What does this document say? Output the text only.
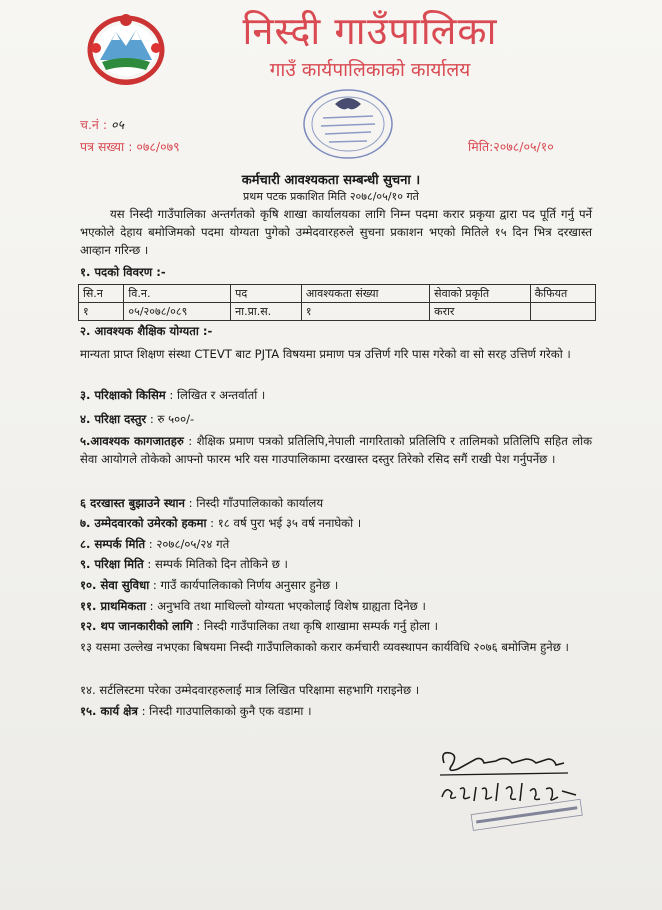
निस्दी गाउँपालिका
गाउँ कार्यपालिकाको कार्यालय
च.नं : ०५
पत्र सख्या : ०७८/०७९	मिति:२०७८/०५/१०
कर्मचारी आवश्यकता सम्बन्धी सुचना ।
प्रथम पटक प्रकाशित मिति २०७८/०५/१० गते
यस निस्दी गाउँपालिका अन्तर्गतको कृषि शाखा कार्यालयका लागि निम्न पदमा करार प्रकृया द्वारा पद पूर्ति गर्नु पर्ने भएकोले देहाय बमोजिमको पदमा योग्यता पुगेको उम्मेदवारहरुले सुचना प्रकाशन भएको मितिले १५ दिन भित्र दरखास्त आव्हान गरिन्छ ।
१. पदको विवरण :-
सि.न	वि.न.	पद	आवश्यकता संख्या	सेवाको प्रकृति	कैफियत
१	०५/२०७८/०८९	ना.प्रा.स.	१	करार	
२. आवश्यक शैक्षिक योग्यता :-
मान्यता प्राप्त शिक्षण संस्था CTEVT बाट PJTA विषयमा प्रमाण पत्र उत्तिर्ण गरि पास गरेको वा सो सरह उत्तिर्ण गरेको ।
३. परिक्षाको किसिम : लिखित र अन्तर्वार्ता ।
४. परिक्षा दस्तुर : रु ५००/-
५.आवश्यक कागजातहरु : शैक्षिक प्रमाण पत्रको प्रतिलिपि,नेपाली नागरिताको प्रतिलिपि र तालिमको प्रतिलिपि सहित लोक सेवा आयोगले तोकेको आफ्नो फारम भरि यस गाउपालिकामा दरखास्त दस्तुर तिरेको रसिद सगैं राखी पेश गर्नुपर्नेछ ।
६ दरखास्त बुझाउने स्थान : निस्दी गाँउपालिकाको कार्यालय
७. उम्मेदवारको उमेरको हकमा : १८ वर्ष पुरा भई ३५ वर्ष ननाघेको ।
८. सम्पर्क मिति : २०७८/०५/२४ गते
९. परिक्षा मिति : सम्पर्क मितिको दिन तोकिने छ ।
१०. सेवा सुविधा : गाउँ कार्यपालिकाको निर्णय अनुसार हुनेछ ।
११. प्राथमिकता : अनुभवि तथा माथिल्लो योग्यता भएकोलाई विशेष ग्राह्यता दिनेछ ।
१२. थप जानकारीको लागि : निस्दी गाउँपालिका तथा कृषि शाखामा सम्पर्क गर्नु होला ।
१३ यसमा उल्लेख नभएका बिषयमा निस्दी गाउँपालिकाको करार कर्मचारी व्यवस्थापन कार्यविधि २०७६ बमोजिम हुनेछ ।
१४. सर्टलिस्टमा परेका उम्मेदवारहरुलाई मात्र लिखित परिक्षामा सहभागि गराइनेछ ।
१५. कार्य क्षेत्र : निस्दी गाउपालिकाको कुनै एक वडामा ।
